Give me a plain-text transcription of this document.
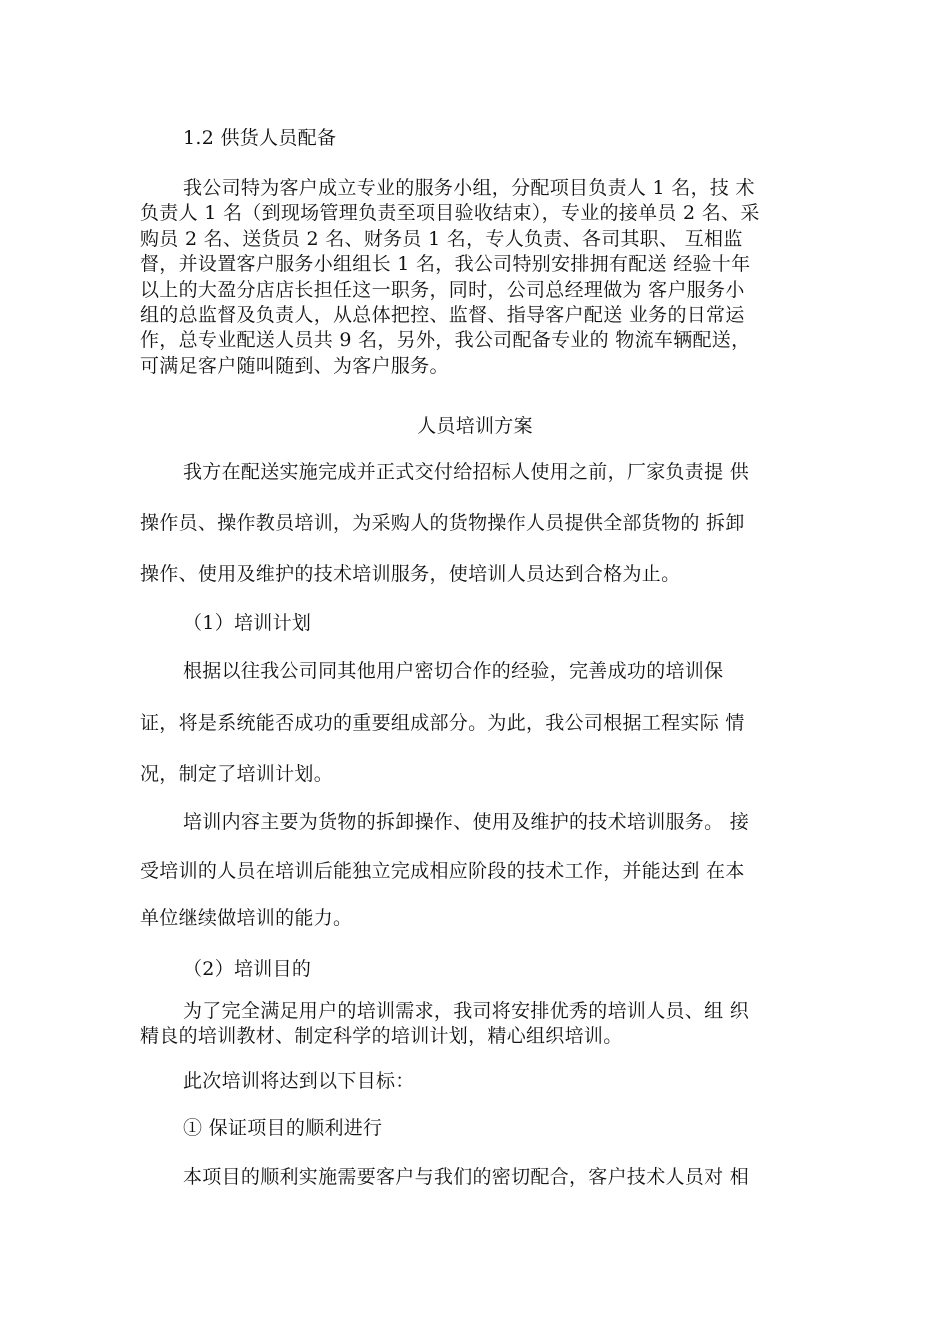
1.2 供货人员配备
我公司特为客户成立专业的服务小组，分配项目负责人 1 名，技 术
负责人 1 名（到现场管理负责至项目验收结束），专业的接单员 2 名、采
购员 2 名、送货员 2 名、财务员 1 名，专人负责、各司其职、 互相监
督，并设置客户服务小组组长 1 名，我公司特别安排拥有配送 经验十年
以上的大盈分店店长担任这一职务，同时，公司总经理做为 客户服务小
组的总监督及负责人，从总体把控、监督、指导客户配送 业务的日常运
作，总专业配送人员共 9 名，另外，我公司配备专业的 物流车辆配送，
可满足客户随叫随到、为客户服务。
人员培训方案
我方在配送实施完成并正式交付给招标人使用之前，厂家负责提 供
操作员、操作教员培训，为采购人的货物操作人员提供全部货物的 拆卸
操作、使用及维护的技术培训服务，使培训人员达到合格为止。
（1）培训计划
根据以往我公司同其他用户密切合作的经验，完善成功的培训保
证，将是系统能否成功的重要组成部分。为此，我公司根据工程实际 情
况，制定了培训计划。
培训内容主要为货物的拆卸操作、使用及维护的技术培训服务。 接
受培训的人员在培训后能独立完成相应阶段的技术工作，并能达到 在本
单位继续做培训的能力。
（2）培训目的
为了完全满足用户的培训需求，我司将安排优秀的培训人员、组 织
精良的培训教材、制定科学的培训计划，精心组织培训。
此次培训将达到以下目标：
① 保证项目的顺利进行
本项目的顺利实施需要客户与我们的密切配合，客户技术人员对 相
